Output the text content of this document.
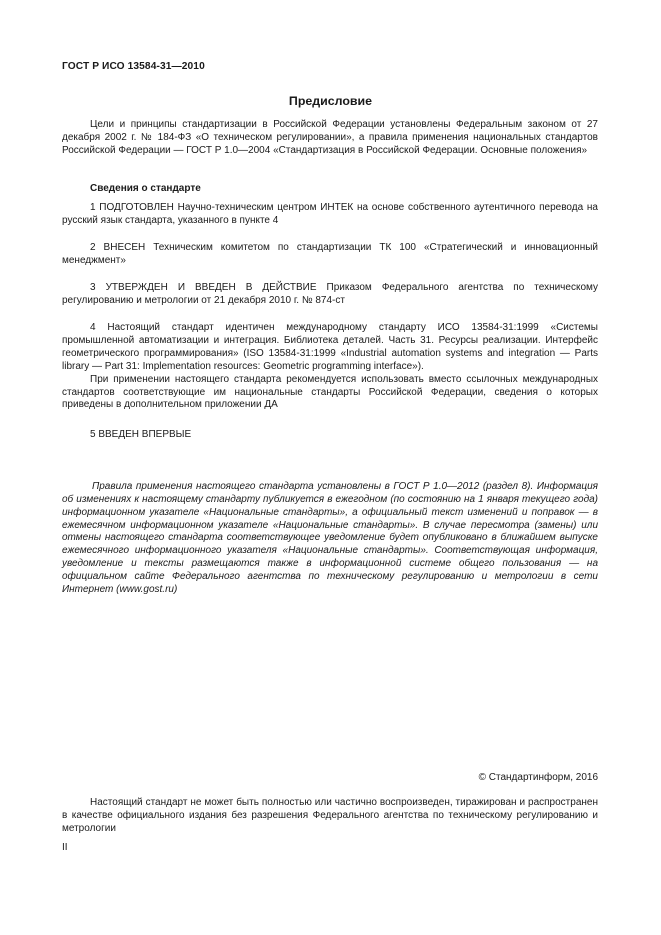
ГОСТ Р ИСО 13584-31—2010
Предисловие

Цели и принципы стандартизации в Российской Федерации установлены Федеральным законом от 27 декабря 2002 г. № 184-ФЗ «О техническом регулировании», а правила применения национальных стандартов Российской Федерации — ГОСТ Р 1.0—2004 «Стандартизация в Российской Федерации. Основные положения»

Сведения о стандарте

1 ПОДГОТОВЛЕН Научно-техническим центром ИНТЕК на основе собственного аутентичного перевода на русский язык стандарта, указанного в пункте 4

2 ВНЕСЕН Техническим комитетом по стандартизации ТК 100 «Стратегический и инновационный менеджмент»

3 УТВЕРЖДЕН И ВВЕДЕН В ДЕЙСТВИЕ Приказом Федерального агентства по техническому регулированию и метрологии от 21 декабря 2010 г. № 874-ст

4 Настоящий стандарт идентичен международному стандарту ИСО 13584-31:1999 «Системы промышленной автоматизации и интеграция. Библиотека деталей. Часть 31. Ресурсы реализации. Интерфейс геометрического программирования» (ISO 13584-31:1999 «Industrial automation systems and integration — Parts library — Part 31: Implementation resources: Geometric programming interface»).

При применении настоящего стандарта рекомендуется использовать вместо ссылочных международных стандартов соответствующие им национальные стандарты Российской Федерации, сведения о которых приведены в дополнительном приложении ДА

5 ВВЕДЕН ВПЕРВЫЕ

Правила применения настоящего стандарта установлены в ГОСТ Р 1.0—2012 (раздел 8). Информация об изменениях к настоящему стандарту публикуется в ежегодном (по состоянию на 1 января текущего года) информационном указателе «Национальные стандарты», а официальный текст изменений и поправок — в ежемесячном информационном указателе «Национальные стандарты». В случае пересмотра (замены) или отмены настоящего стандарта соответствующее уведомление будет опубликовано в ближайшем выпуске ежемесячного информационного указателя «Национальные стандарты». Соответствующая информация, уведомление и тексты размещаются также в информационной системе общего пользования — на официальном сайте Федерального агентства по техническому регулированию и метрологии в сети Интернет (www.gost.ru)

© Стандартинформ, 2016

Настоящий стандарт не может быть полностью или частично воспроизведен, тиражирован и распространен в качестве официального издания без разрешения Федерального агентства по техническому регулированию и метрологии

II
